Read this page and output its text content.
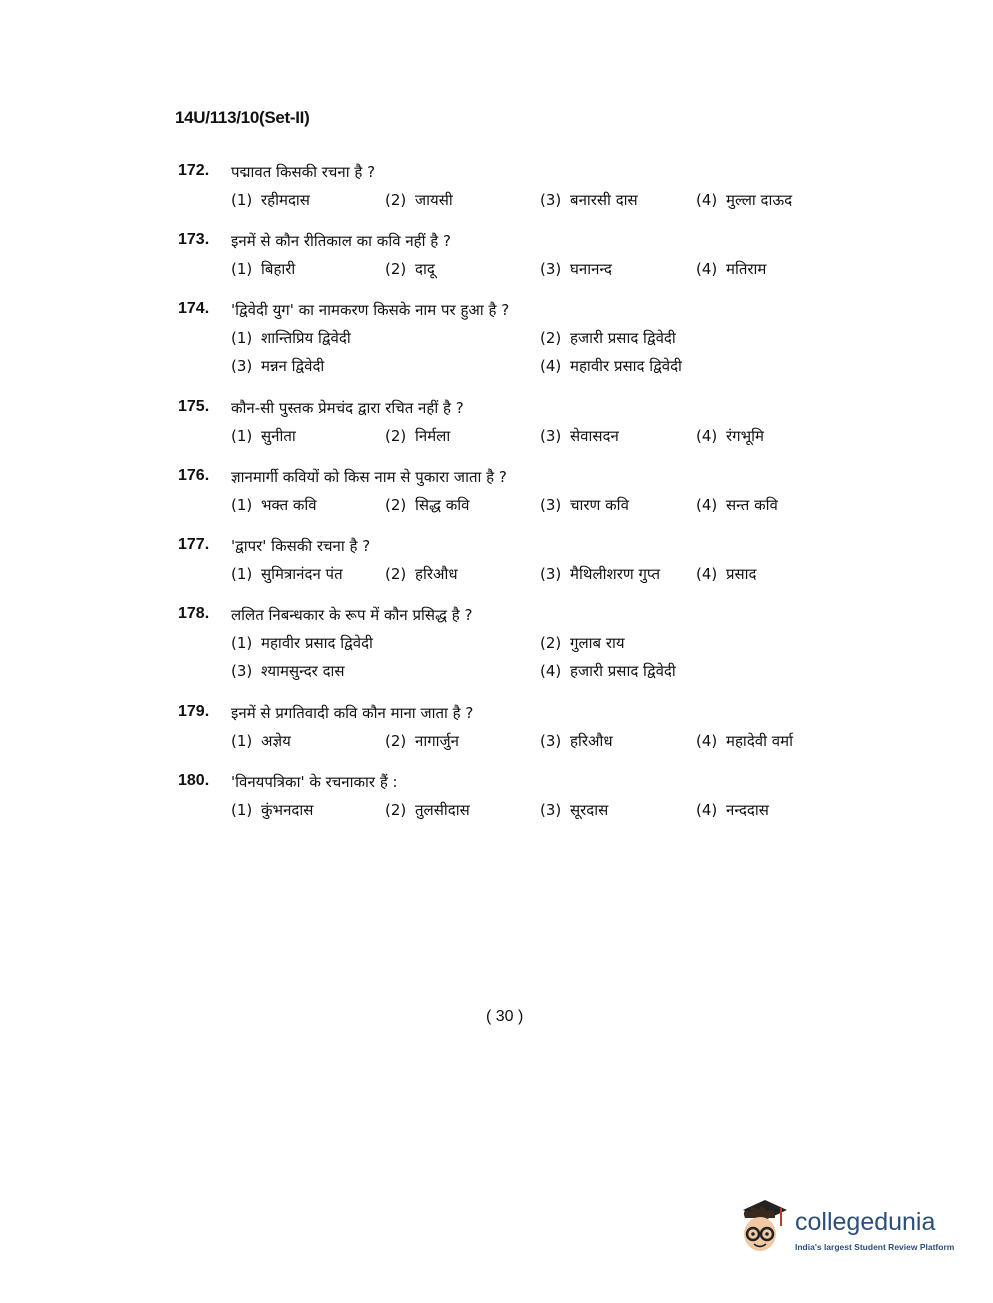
14U/113/10(Set-II)
172. पद्मावत किसकी रचना है ?
(1) रहीमदास	(2) जायसी	(3) बनारसी दास	(4) मुल्ला दाऊद
173. इनमें से कौन रीतिकाल का कवि नहीं है ?
(1) बिहारी	(2) दादू	(3) घनानन्द	(4) मतिराम
174. 'द्विवेदी युग' का नामकरण किसके नाम पर हुआ है ?
(1) शान्तिप्रिय द्विवेदी	(2) हजारी प्रसाद द्विवेदी
(3) मन्नन द्विवेदी	(4) महावीर प्रसाद द्विवेदी
175. कौन-सी पुस्तक प्रेमचंद द्वारा रचित नहीं है ?
(1) सुनीता	(2) निर्मला	(3) सेवासदन	(4) रंगभूमि
176. ज्ञानमार्गी कवियों को किस नाम से पुकारा जाता है ?
(1) भक्त कवि	(2) सिद्ध कवि	(3) चारण कवि	(4) सन्त कवि
177. 'द्वापर' किसकी रचना है ?
(1) सुमित्रानंदन पंत	(2) हरिऔध	(3) मैथिलीशरण गुप्त (4) प्रसाद
178. ललित निबन्धकार के रूप में कौन प्रसिद्ध है ?
(1) महावीर प्रसाद द्विवेदी	(2) गुलाब राय
(3) श्यामसुन्दर दास	(4) हजारी प्रसाद द्विवेदी
179. इनमें से प्रगतिवादी कवि कौन माना जाता है ?
(1) अज्ञेय	(2) नागार्जुन	(3) हरिऔध	(4) महादेवी वर्मा
180. 'विनयपत्रिका' के रचनाकार हैं :
(1) कुंभनदास	(2) तुलसीदास	(3) सूरदास	(4) नन्ददास
( 30 )
collegedunia
India's largest Student Review Platform
